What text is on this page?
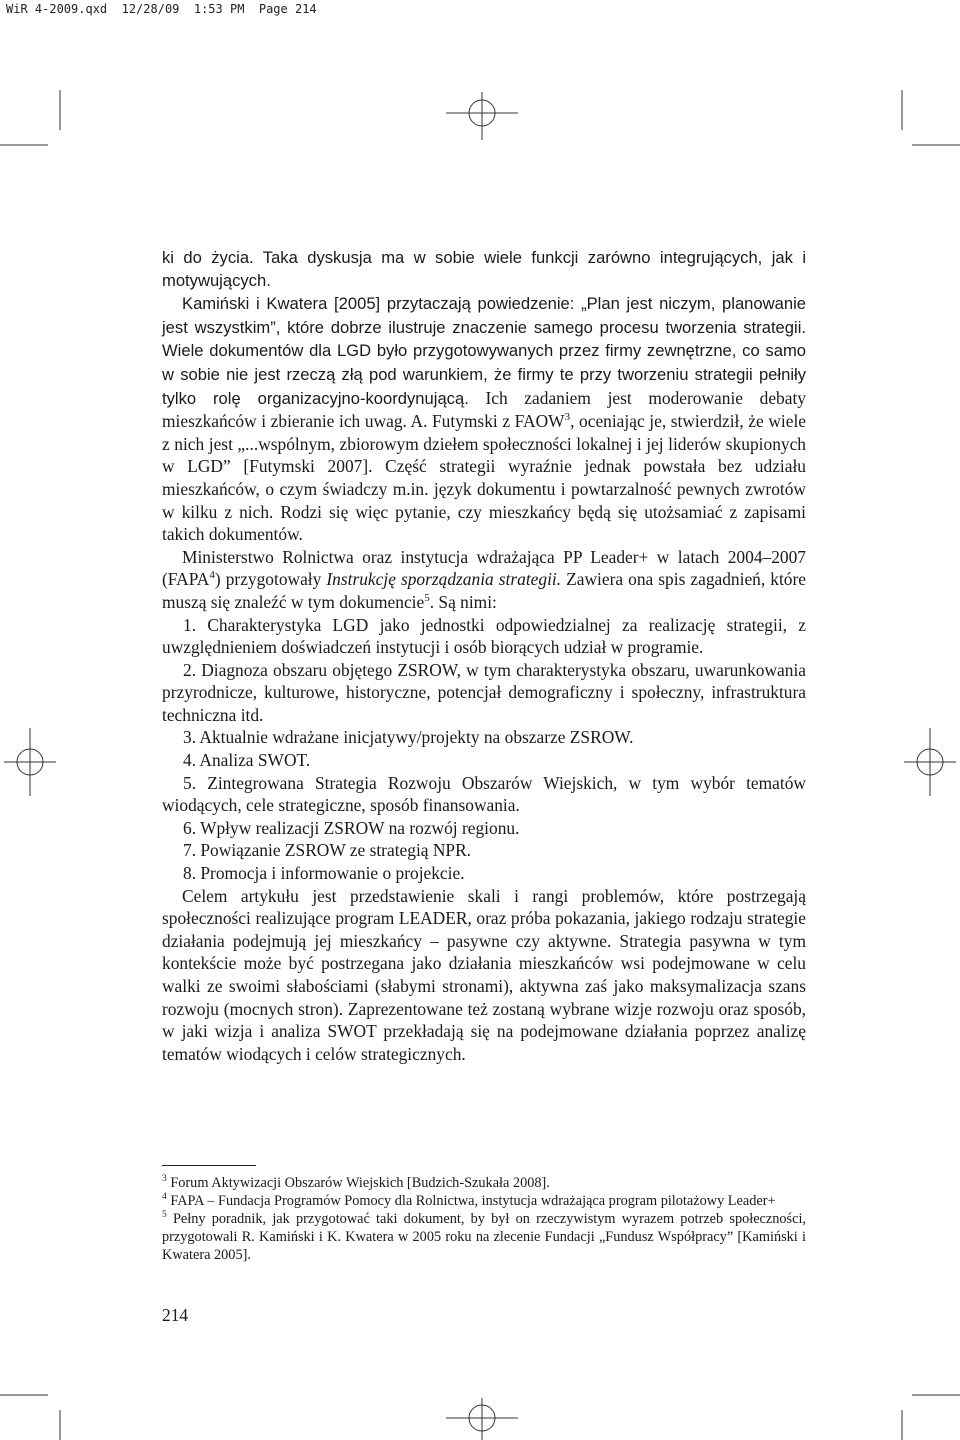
WiR 4-2009.qxd  12/28/09  1:53 PM  Page 214

ki do życia. Taka dyskusja ma w sobie wiele funkcji zarówno integrujących, jak i motywujących.

Kamiński i Kwatera [2005] przytaczają powiedzenie: „Plan jest niczym, planowanie jest wszystkim”, które dobrze ilustruje znaczenie samego procesu tworzenia strategii. Wiele dokumentów dla LGD było przygotowywanych przez firmy zewnętrzne, co samo w sobie nie jest rzeczą złą pod warunkiem, że firmy te przy tworzeniu strategii pełniły tylko rolę organizacyjno-koordynującą. Ich zadaniem jest moderowanie debaty mieszkańców i zbieranie ich uwag. A. Futymski z FAOW$^3$, oceniając je, stwierdził, że wiele z nich jest „...wspólnym, zbiorowym dziełem społeczności lokalnej i jej liderów skupionych w LGD” [Futymski 2007]. Część strategii wyraźnie jednak powstała bez udziału mieszkańców, o czym świadczy m.in. język dokumentu i powtarzalność pewnych zwrotów w kilku z nich. Rodzi się więc pytanie, czy mieszkańcy będą się utożsamiać z zapisami takich dokumentów.

Ministerstwo Rolnictwa oraz instytucja wdrażająca PP Leader+ w latach 2004–2007 (FAPA$^4$) przygotowały Instrukcję sporządzania strategii. Zawiera ona spis zagadnień, które muszą się znaleźć w tym dokumencie$^5$. Są nimi:

1. Charakterystyka LGD jako jednostki odpowiedzialnej za realizację strategii, z uwzględnieniem doświadczeń instytucji i osób biorących udział w programie.

2. Diagnoza obszaru objętego ZSROW, w tym charakterystyka obszaru, uwarunkowania przyrodnicze, kulturowe, historyczne, potencjał demograficzny i społeczny, infrastruktura techniczna itd.

3. Aktualnie wdrażane inicjatywy/projekty na obszarze ZSROW.

4. Analiza SWOT.

5. Zintegrowana Strategia Rozwoju Obszarów Wiejskich, w tym wybór tematów wiodących, cele strategiczne, sposób finansowania.

6. Wpływ realizacji ZSROW na rozwój regionu.

7. Powiązanie ZSROW ze strategią NPR.

8. Promocja i informowanie o projekcie.

Celem artykułu jest przedstawienie skali i rangi problemów, które postrzegają społeczności realizujące program LEADER, oraz próba pokazania, jakiego rodzaju strategie działania podejmują jej mieszkańcy – pasywne czy aktywne. Strategia pasywna w tym kontekście może być postrzegana jako działania mieszkańców wsi podejmowane w celu walki ze swoimi słabościami (słabymi stronami), aktywna zaś jako maksymalizacja szans rozwoju (mocnych stron). Zaprezentowane też zostaną wybrane wizje rozwoju oraz sposób, w jaki wizja i analiza SWOT przekładają się na podejmowane działania poprzez analizę tematów wiodących i celów strategicznych.

$^3$ Forum Aktywizacji Obszarów Wiejskich [Budzich-Szukała 2008].

$^4$ FAPA – Fundacja Programów Pomocy dla Rolnictwa, instytucja wdrażająca program pilotażowy Leader+

$^5$ Pełny poradnik, jak przygotować taki dokument, by był on rzeczywistym wyrazem potrzeb społeczności, przygotowali R. Kamiński i K. Kwatera w 2005 roku na zlecenie Fundacji „Fundusz Współpracy” [Kamiński i Kwatera 2005].

214
